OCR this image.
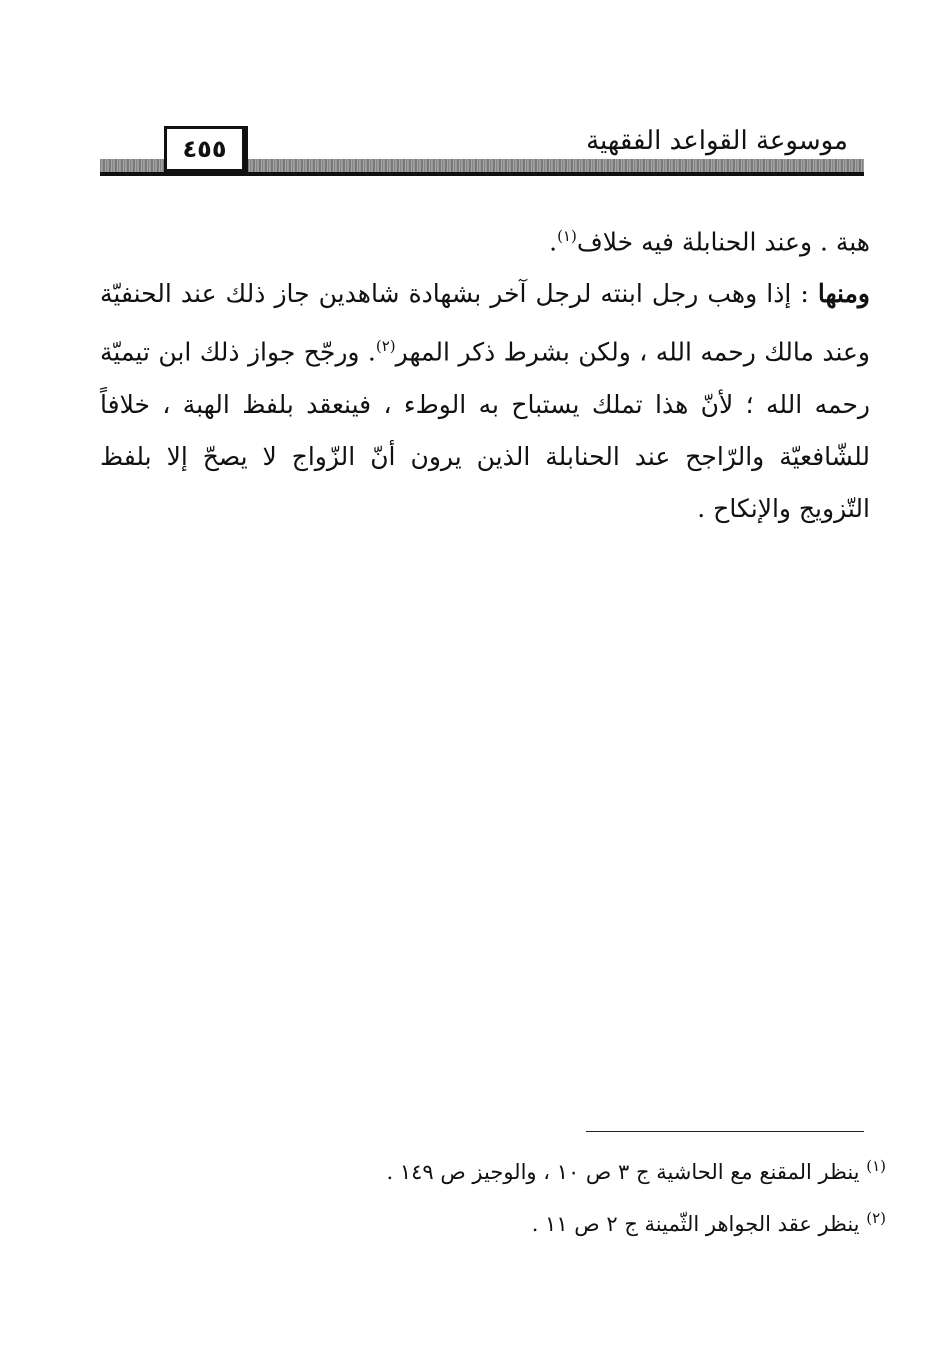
موسوعة القواعد الفقهية
٤٥٥

هبة . وعند الحنابلة فيه خلاف$^{(١)}$.

ومنها : إذا وهب رجل ابنته لرجل آخر بشهادة شاهدين جاز ذلك عند الحنفيّة وعند مالك رحمه الله ، ولكن بشرط ذكر المهر$^{(٢)}$. ورجّح جواز ذلك ابن تيميّة رحمه الله ؛ لأنّ هذا تملك يستباح به الوطء ، فينعقد بلفظ الهبة ، خلافاً للشّافعيّة والرّاجح عند الحنابلة الذين يرون أنّ الزّواج لا يصحّ إلا بلفظ التّزويج والإنكاح .

$^{(١)}$ ينظر المقنع مع الحاشية ج ٣ ص ١٠ ، والوجيز ص ١٤٩ .
$^{(٢)}$ ينظر عقد الجواهر الثّمينة ج ٢ ص ١١ .
